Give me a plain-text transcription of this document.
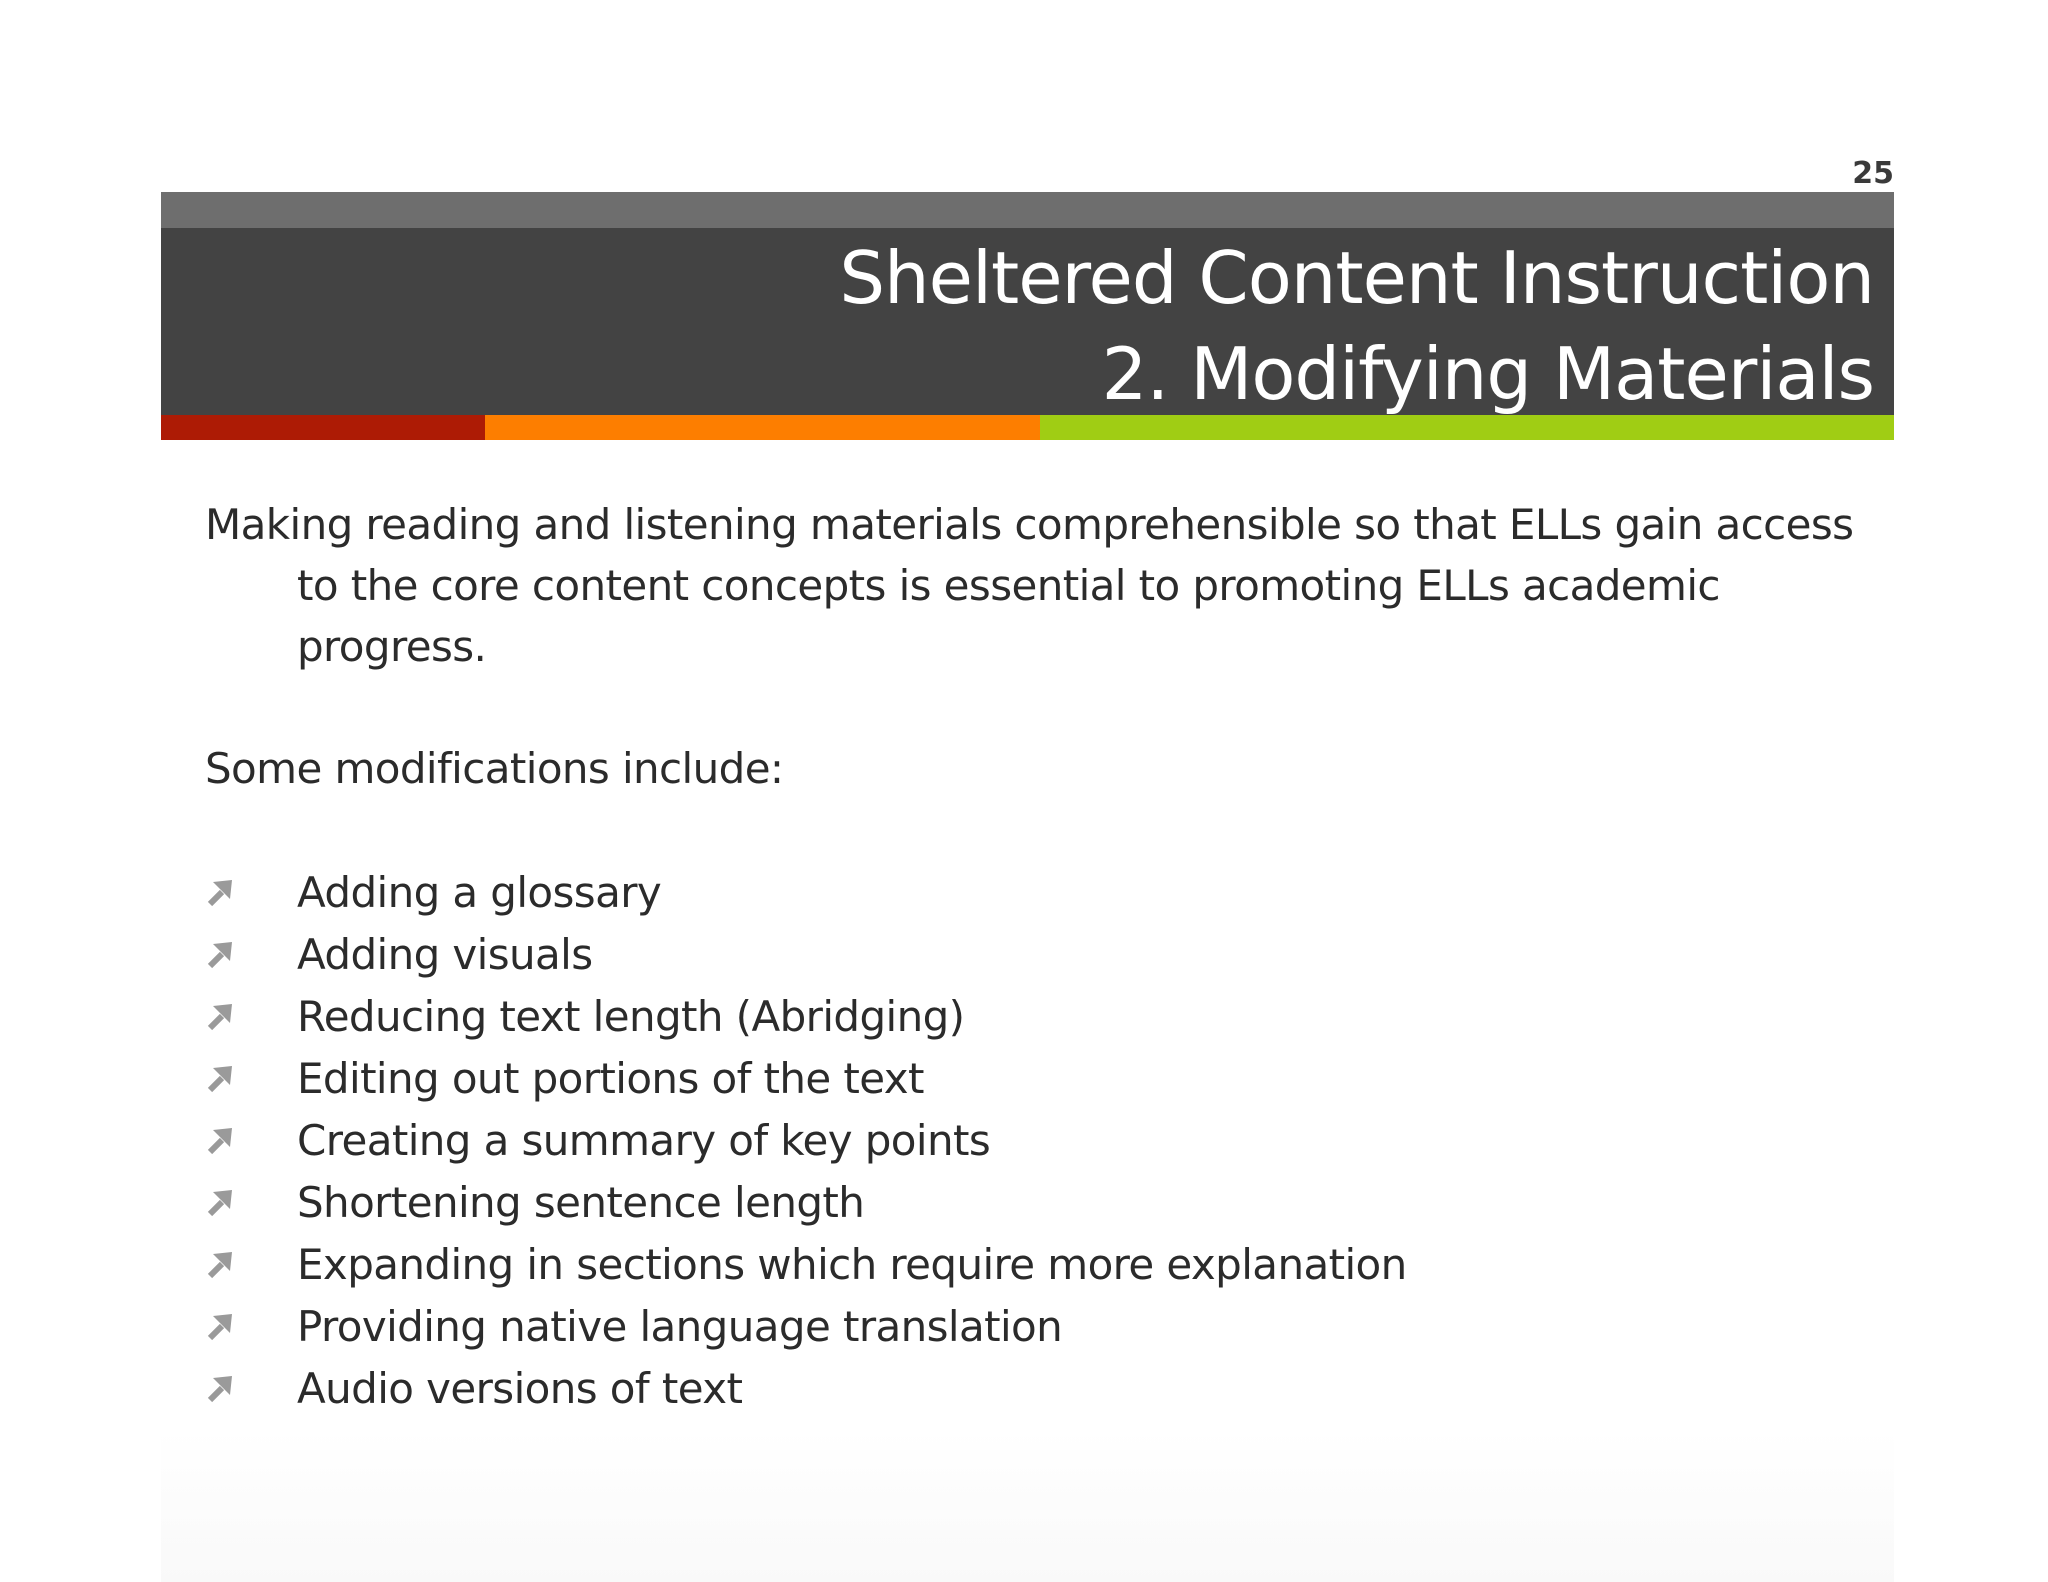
25
Sheltered Content Instruction
2. Modifying Materials

Making reading and listening materials comprehensible so that ELLs gain access to the core content concepts is essential to promoting ELLs academic progress.

Some modifications include:

Adding a glossary
Adding visuals
Reducing text length (Abridging)
Editing out portions of the text
Creating a summary of key points
Shortening sentence length
Expanding in sections which require more explanation
Providing native language translation
Audio versions of text
